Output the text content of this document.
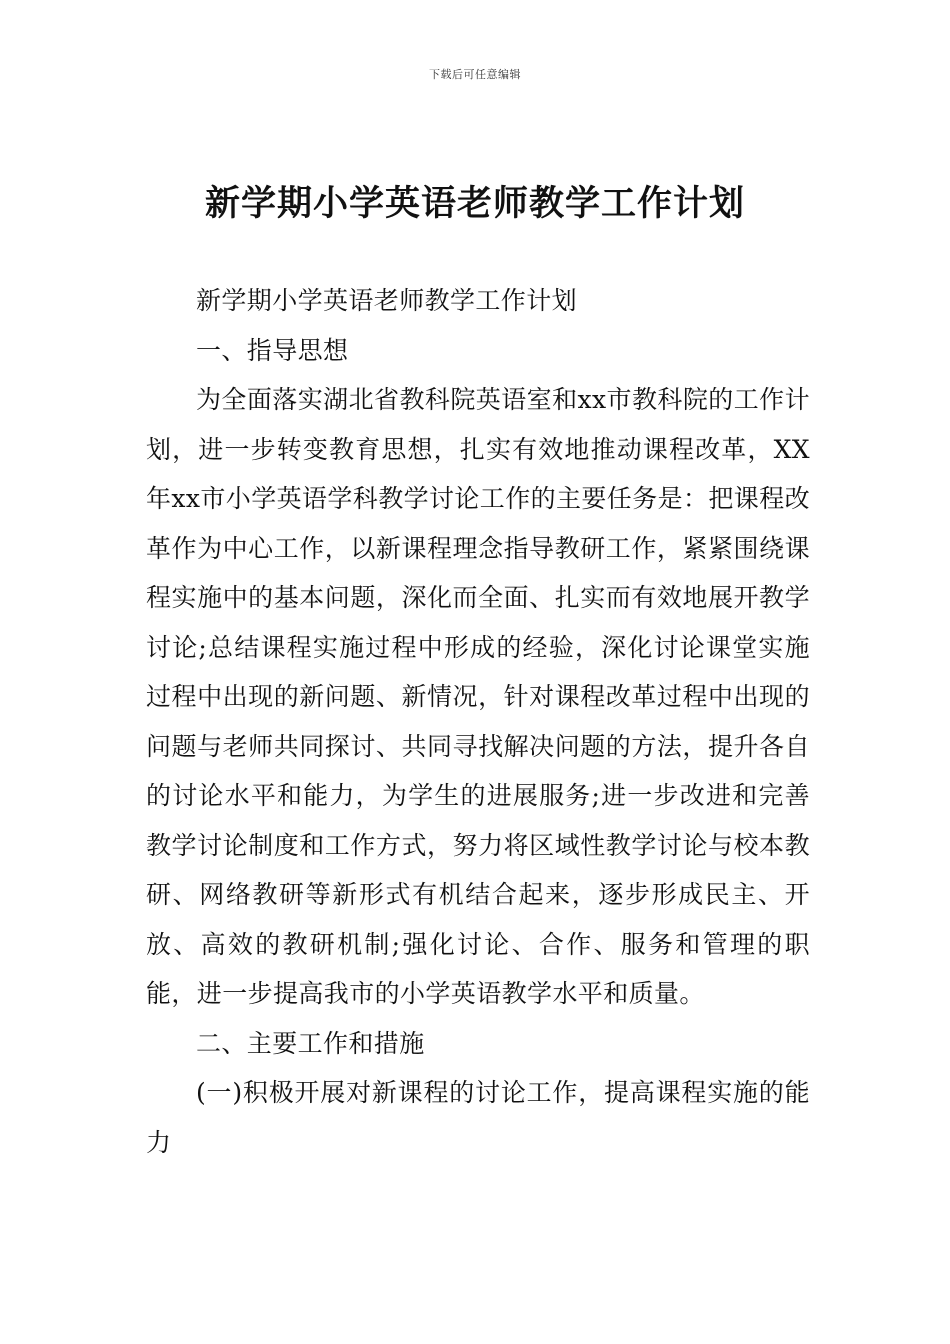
下载后可任意编辑
新学期小学英语老师教学工作计划

新学期小学英语老师教学工作计划

一、指导思想

为全面落实湖北省教科院英语室和xx市教科院的工作计划，进一步转变教育思想，扎实有效地推动课程改革，XX年xx市小学英语学科教学讨论工作的主要任务是：把课程改革作为中心工作，以新课程理念指导教研工作，紧紧围绕课程实施中的基本问题，深化而全面、扎实而有效地展开教学讨论;总结课程实施过程中形成的经验，深化讨论课堂实施过程中出现的新问题、新情况，针对课程改革过程中出现的问题与老师共同探讨、共同寻找解决问题的方法，提升各自的讨论水平和能力，为学生的进展服务;进一步改进和完善教学讨论制度和工作方式，努力将区域性教学讨论与校本教研、网络教研等新形式有机结合起来，逐步形成民主、开放、高效的教研机制;强化讨论、合作、服务和管理的职能，进一步提高我市的小学英语教学水平和质量。

二、主要工作和措施

(一)积极开展对新课程的讨论工作，提高课程实施的能力
